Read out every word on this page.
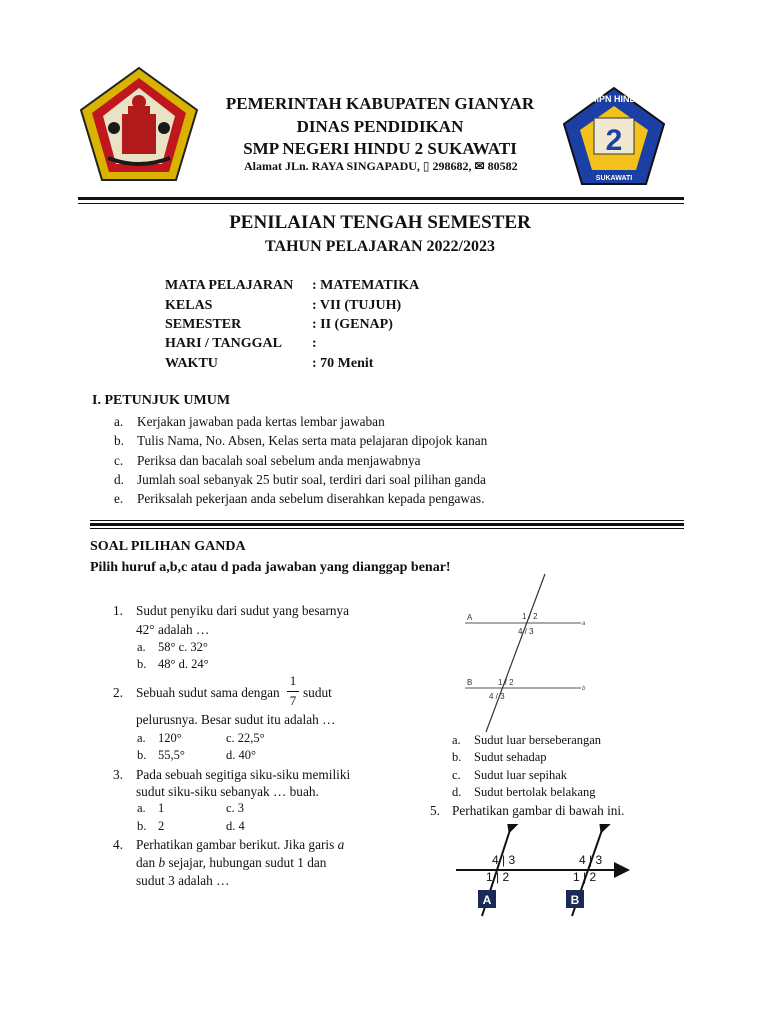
2
SMPN HINDU
SUKAWATI
PEMERINTAH KABUPATEN GIANYAR
DINAS PENDIDIKAN
SMP NEGERI HINDU 2 SUKAWATI
Alamat JLn. RAYA SINGAPADU, ▯ 298682, ✉ 80582
PENILAIAN TENGAH SEMESTER
TAHUN PELAJARAN 2022/2023
MATA PELAJARAN : MATEMATIKA
KELAS	: VII (TUJUH)
SEMESTER	: II (GENAP)
HARI / TANGGAL :
WAKTU	: 70 Menit
I. PETUNJUK UMUM
a. Kerjakan jawaban pada kertas lembar jawaban
b. Tulis Nama, No. Absen, Kelas serta mata pelajaran dipojok kanan
c. Periksa dan bacalah soal sebelum anda menjawabnya
d. Jumlah soal sebanyak 25 butir soal, terdiri dari soal pilihan ganda
e. Periksalah pekerjaan anda sebelum diserahkan kepada pengawas.
SOAL PILIHAN GANDA
Pilih huruf a,b,c atau d pada jawaban yang dianggap benar!
1. Sudut penyiku dari sudut yang besarnya
42° adalah …
a. 58° c. 32°
b. 48° d. 24°
2. Sebuah sudut sama dengan
1
7
sudut
pelurusnya. Besar sudut itu adalah …
a. 120°	c. 22,5°
b. 55,5°	d. 40°
3. Pada sebuah segitiga siku-siku memiliki
sudut siku-siku sebanyak … buah.
a. 1	c. 3
b. 2	d. 4
4. Perhatikan gambar berikut. Jika garis a
dan b sejajar, hubungan sudut 1 dan
sudut 3 adalah …
A
B
1 / 2
4 / 3
1 / 2
4 / 3
a
b
a. Sudut luar berseberangan
b. Sudut sehadap
c. Sudut luar sepihak
d. Sudut bertolak belakang
5. Perhatikan gambar di bawah ini.
4 | 3
1 | 2
4 | 3
1 | 2
A	B
